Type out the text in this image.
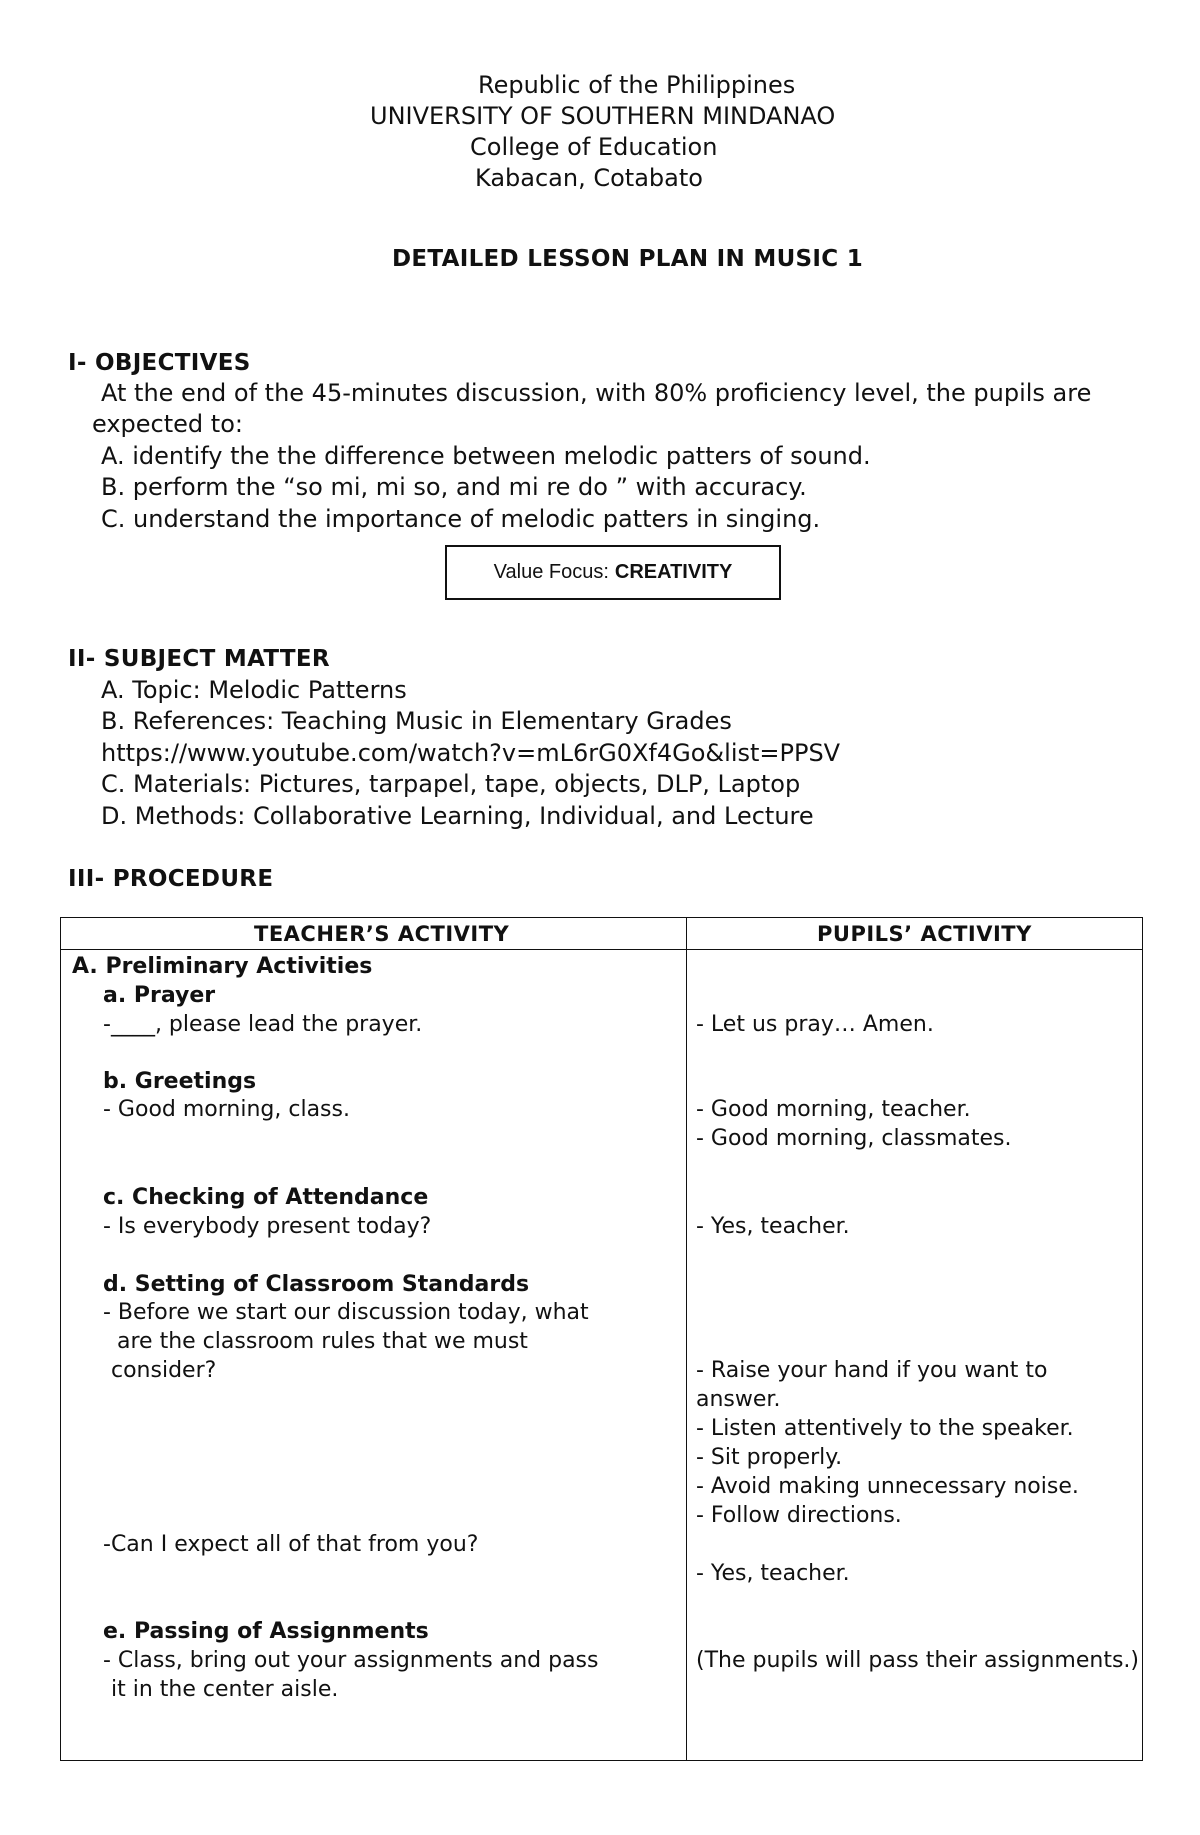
Republic of the Philippines
UNIVERSITY OF SOUTHERN MINDANAO
College of Education
Kabacan, Cotabato
DETAILED LESSON PLAN IN MUSIC 1
I- OBJECTIVES
At the end of the 45-minutes discussion, with 80% proficiency level, the pupils are
expected to:
A. identify the the difference between melodic patters of sound.
B. perform the “so mi, mi so, and mi re do ” with accuracy.
C. understand the importance of melodic patters in singing.
Value Focus: CREATIVITY
II- SUBJECT MATTER
A. Topic: Melodic Patterns
B. References: Teaching Music in Elementary Grades
https://www.youtube.com/watch?v=mL6rG0Xf4Go&list=PPSV
C. Materials: Pictures, tarpapel, tape, objects, DLP, Laptop
D. Methods: Collaborative Learning, Individual, and Lecture
III- PROCEDURE
TEACHER’S ACTIVITY	PUPILS’ ACTIVITY
A. Preliminary Activities
a. Prayer
-____, please lead the prayer.
b. Greetings
- Good morning, class.
c. Checking of Attendance
- Is everybody present today?
d. Setting of Classroom Standards
- Before we start our discussion today, what
are the classroom rules that we must
consider?
-Can I expect all of that from you?
e. Passing of Assignments
- Class, bring out your assignments and pass
it in the center aisle.
- Let us pray… Amen.
- Good morning, teacher.
- Good morning, classmates.
- Yes, teacher.
- Raise your hand if you want to
answer.
- Listen attentively to the speaker.
- Sit properly.
- Avoid making unnecessary noise.
- Follow directions.
- Yes, teacher.
(The pupils will pass their assignments.)
